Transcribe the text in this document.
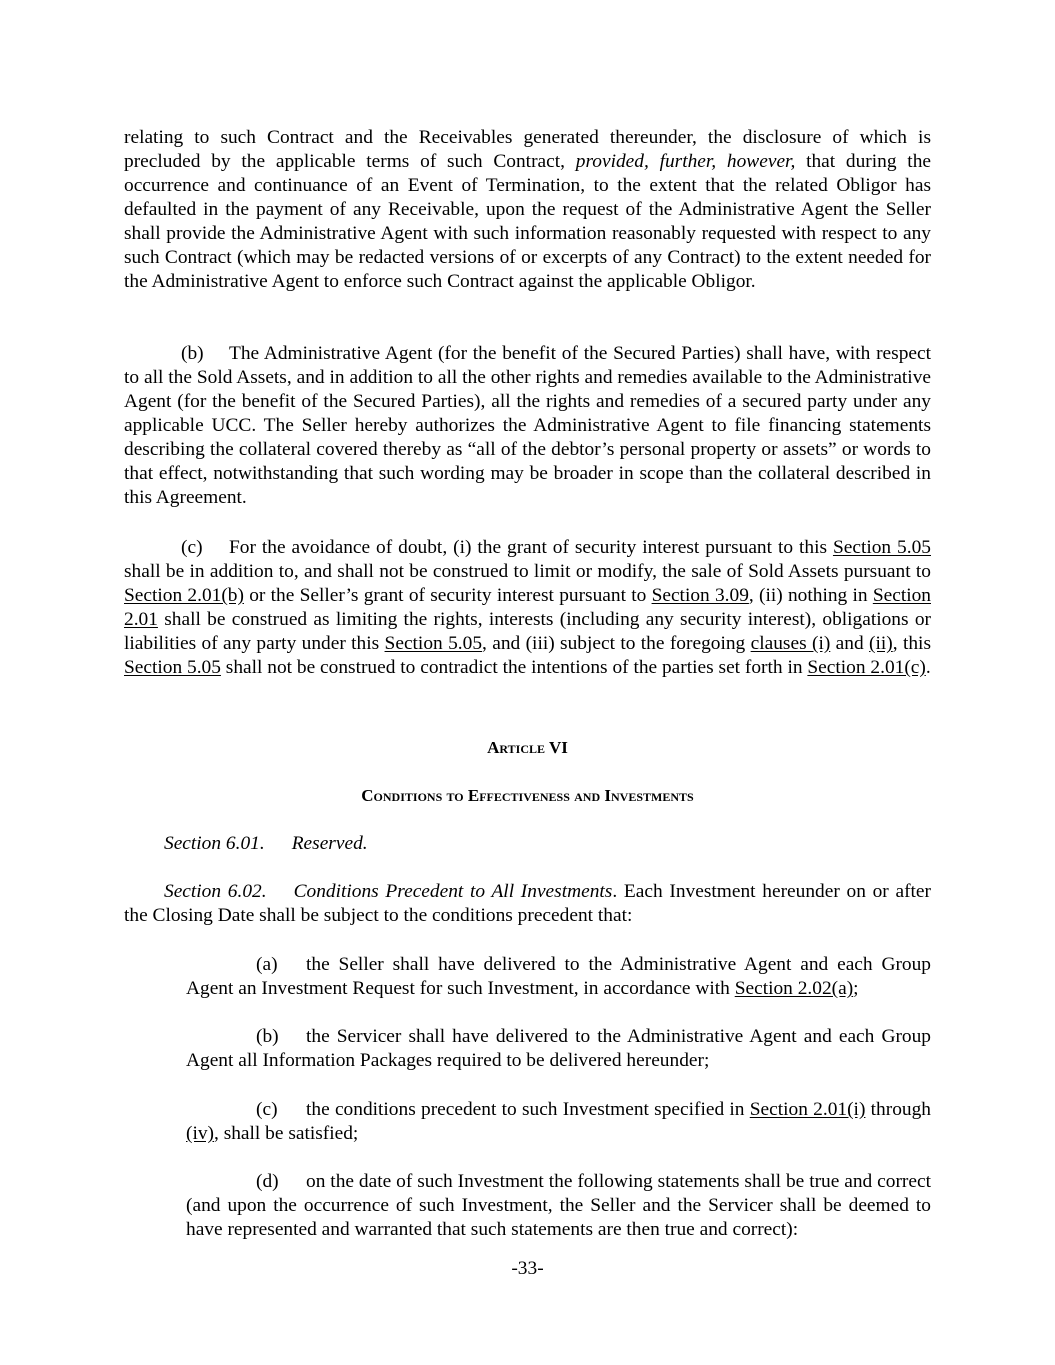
relating to such Contract and the Receivables generated thereunder, the disclosure of which is precluded by the applicable terms of such Contract, provided, further, however, that during the occurrence and continuance of an Event of Termination, to the extent that the related Obligor has defaulted in the payment of any Receivable, upon the request of the Administrative Agent the Seller shall provide the Administrative Agent with such information reasonably requested with respect to any such Contract (which may be redacted versions of or excerpts of any Contract) to the extent needed for the Administrative Agent to enforce such Contract against the applicable Obligor.

(b) The Administrative Agent (for the benefit of the Secured Parties) shall have, with respect to all the Sold Assets, and in addition to all the other rights and remedies available to the Administrative Agent (for the benefit of the Secured Parties), all the rights and remedies of a secured party under any applicable UCC. The Seller hereby authorizes the Administrative Agent to file financing statements describing the collateral covered thereby as “all of the debtor’s personal property or assets” or words to that effect, notwithstanding that such wording may be broader in scope than the collateral described in this Agreement.

(c) For the avoidance of doubt, (i) the grant of security interest pursuant to this Section 5.05 shall be in addition to, and shall not be construed to limit or modify, the sale of Sold Assets pursuant to Section 2.01(b) or the Seller’s grant of security interest pursuant to Section 3.09, (ii) nothing in Section 2.01 shall be construed as limiting the rights, interests (including any security interest), obligations or liabilities of any party under this Section 5.05, and (iii) subject to the foregoing clauses (i) and (ii), this Section 5.05 shall not be construed to contradict the intentions of the parties set forth in Section 2.01(c).

Article VI

Conditions to Effectiveness and Investments

Section 6.01. Reserved.

Section 6.02. Conditions Precedent to All Investments. Each Investment hereunder on or after the Closing Date shall be subject to the conditions precedent that:

(a) the Seller shall have delivered to the Administrative Agent and each Group Agent an Investment Request for such Investment, in accordance with Section 2.02(a);

(b) the Servicer shall have delivered to the Administrative Agent and each Group Agent all Information Packages required to be delivered hereunder;

(c) the conditions precedent to such Investment specified in Section 2.01(i) through (iv), shall be satisfied;

(d) on the date of such Investment the following statements shall be true and correct (and upon the occurrence of such Investment, the Seller and the Servicer shall be deemed to have represented and warranted that such statements are then true and correct):

-33-
